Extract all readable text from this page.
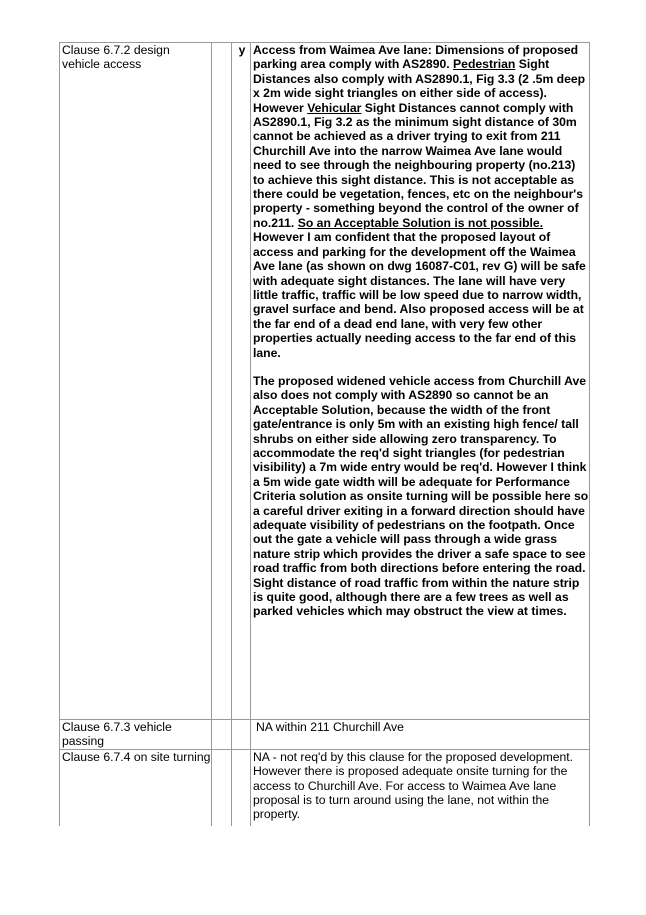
Clause 6.7.2 design vehicle access		y	Access from Waimea Ave lane: Dimensions of proposed parking area comply with AS2890. Pedestrian Sight Distances also comply with AS2890.1, Fig 3.3 (2 .5m deep x 2m wide sight triangles on either side of access).

However Vehicular Sight Distances cannot comply with AS2890.1, Fig 3.2 as the minimum sight distance of 30m cannot be achieved as a driver trying to exit from 211 Churchill Ave into the narrow Waimea Ave lane would need to see through the neighbouring property (no.213) to achieve this sight distance. This is not acceptable as there could be vegetation, fences, etc on the neighbour's property - something beyond the control of the owner of no.211. So an Acceptable Solution is not possible. However I am confident that the proposed layout of access and parking for the development off the Waimea Ave lane (as shown on dwg 16087-C01, rev G) will be safe with adequate sight distances. The lane will have very little traffic, traffic will be low speed due to narrow width, gravel surface and bend. Also proposed access will be at the far end of a dead end lane, with very few other properties actually needing access to the far end of this lane.

The proposed widened vehicle access from Churchill Ave also does not comply with AS2890 so cannot be an Acceptable Solution, because the width of the front gate/entrance is only 5m with an existing high fence/ tall shrubs on either side allowing zero transparency. To accommodate the req'd sight triangles (for pedestrian visibility) a 7m wide entry would be req'd. However I think a 5m wide gate width will be adequate for Performance Criteria solution as onsite turning will be possible here so a careful driver exiting in a forward direction should have adequate visibility of pedestrians on the footpath. Once out the gate a vehicle will pass through a wide grass nature strip which provides the driver a safe space to see road traffic from both directions before entering the road. Sight distance of road traffic from within the nature strip is quite good, although there are a few trees as well as parked vehicles which may obstruct the view at times.

Clause 6.7.3 vehicle passing			NA within 211 Churchill Ave
Clause 6.7.4 on site turning			NA - not req'd by this clause for the proposed development. However there is proposed adequate onsite turning for the access to Churchill Ave. For access to Waimea Ave lane proposal is to turn around using the lane, not within the property.
